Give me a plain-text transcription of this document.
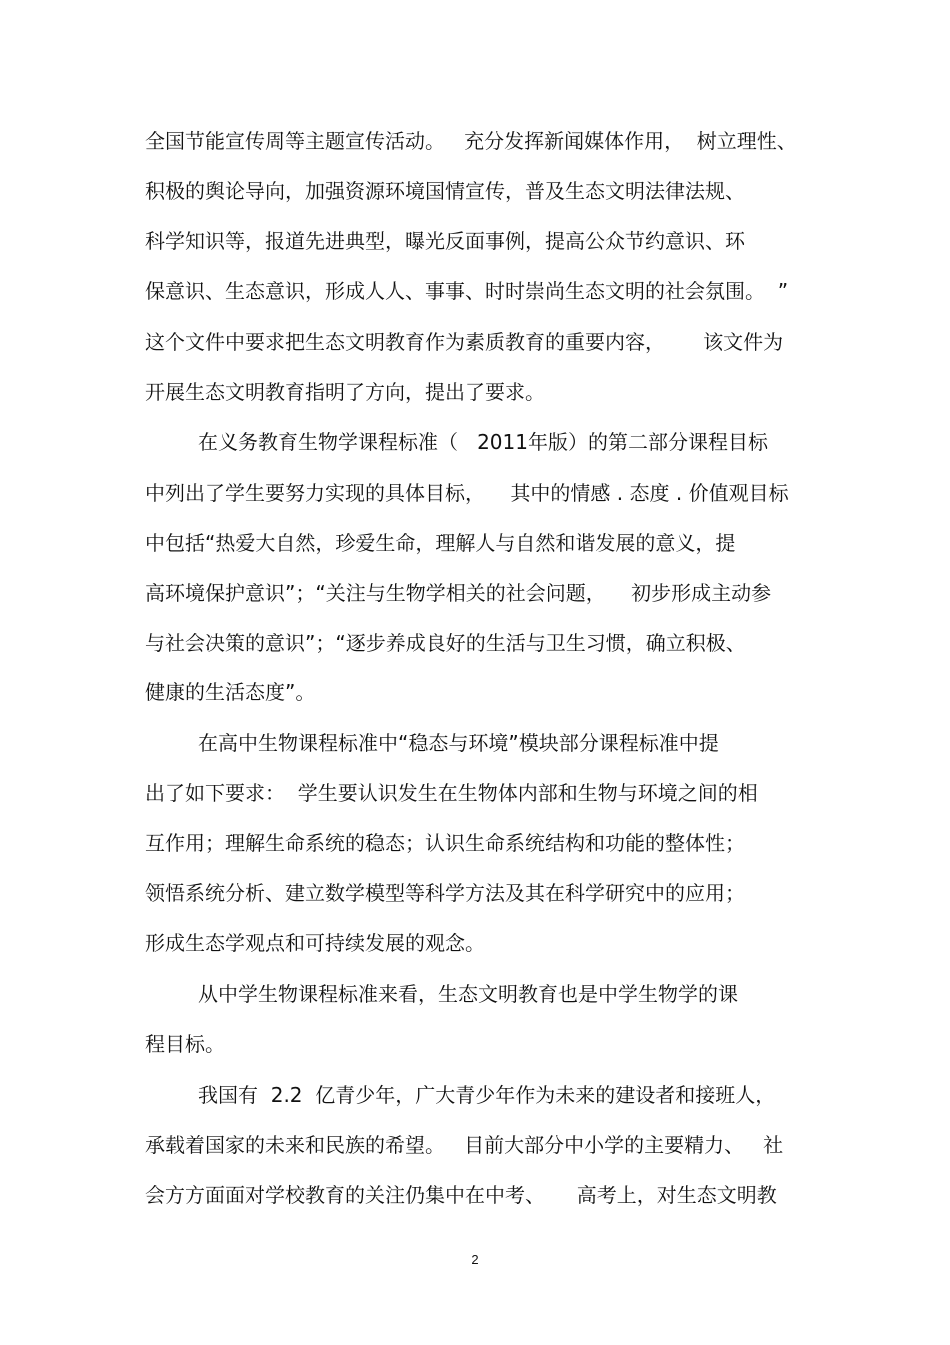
全国节能宣传周等主题宣传活动。   充分发挥新闻媒体作用，  树立理性、
积极的舆论导向，加强资源环境国情宣传，普及生态文明法律法规、
科学知识等，报道先进典型，曝光反面事例，提高公众节约意识、环
保意识、生态意识，形成人人、事事、时时崇尚生态文明的社会氛围。  ”
这个文件中要求把生态文明教育作为素质教育的重要内容，      该文件为
开展生态文明教育指明了方向，提出了要求。
在义务教育生物学课程标准（   2011年版）的第二部分课程目标
中列出了学生要努力实现的具体目标，    其中的情感 . 态度 . 价值观目标
中包括“热爱大自然，珍爱生命，理解人与自然和谐发展的意义，提
高环境保护意识”；“关注与生物学相关的社会问题，    初步形成主动参
与社会决策的意识”；“逐步养成良好的生活与卫生习惯，确立积极、
健康的生活态度”。
在高中生物课程标准中“稳态与环境”模块部分课程标准中提
出了如下要求：  学生要认识发生在生物体内部和生物与环境之间的相
互作用；理解生命系统的稳态；认识生命系统结构和功能的整体性；
领悟系统分析、建立数学模型等科学方法及其在科学研究中的应用；
形成生态学观点和可持续发展的观念。
从中学生物课程标准来看，生态文明教育也是中学生物学的课
程目标。
我国有  2.2  亿青少年，广大青少年作为未来的建设者和接班人，
承载着国家的未来和民族的希望。   目前大部分中小学的主要精力、   社
会方方面面对学校教育的关注仍集中在中考、     高考上，对生态文明教
2
